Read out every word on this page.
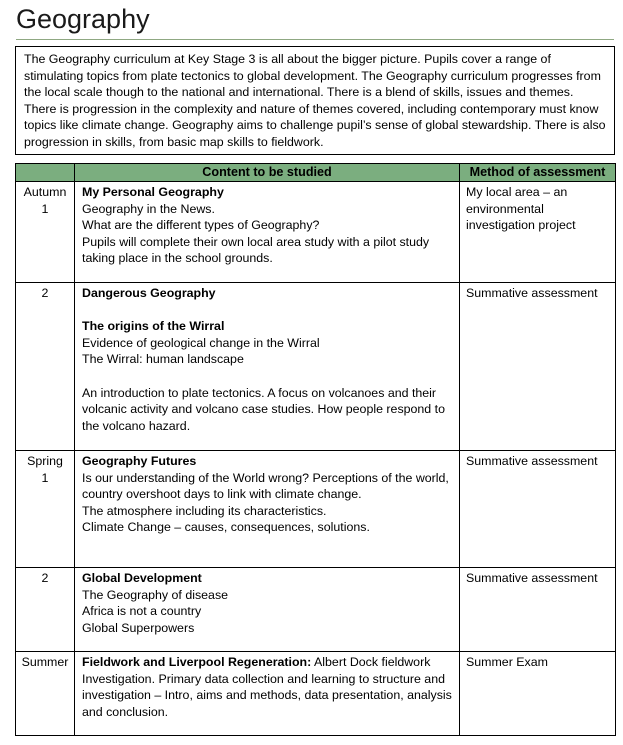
Geography
The Geography curriculum at Key Stage 3 is all about the bigger picture. Pupils cover a range of stimulating topics from plate tectonics to global development. The Geography curriculum progresses from the local scale though to the national and international. There is a blend of skills, issues and themes. There is progression in the complexity and nature of themes covered, including contemporary must know topics like climate change. Geography aims to challenge pupil’s sense of global stewardship. There is also progression in skills, from basic map skills to fieldwork.
	Content to be studied	Method of assessment
Autumn
1	My Personal Geography
Geography in the News.
What are the different types of Geography?
Pupils will complete their own local area study with a pilot study taking place in the school grounds.	My local area – an environmental investigation project
2	Dangerous Geography
The origins of the Wirral
Evidence of geological change in the Wirral
The Wirral: human landscape
An introduction to plate tectonics. A focus on volcanoes and their volcanic activity and volcano case studies. How people respond to the volcano hazard.	Summative assessment
Spring
1	Geography Futures
Is our understanding of the World wrong? Perceptions of the world, country overshoot days to link with climate change.
The atmosphere including its characteristics.
Climate Change – causes, consequences, solutions.	Summative assessment
2	Global Development
The Geography of disease
Africa is not a country
Global Superpowers	Summative assessment
Summer	Fieldwork and Liverpool Regeneration: Albert Dock fieldwork Investigation. Primary data collection and learning to structure and investigation – Intro, aims and methods, data presentation, analysis and conclusion.	Summer Exam
